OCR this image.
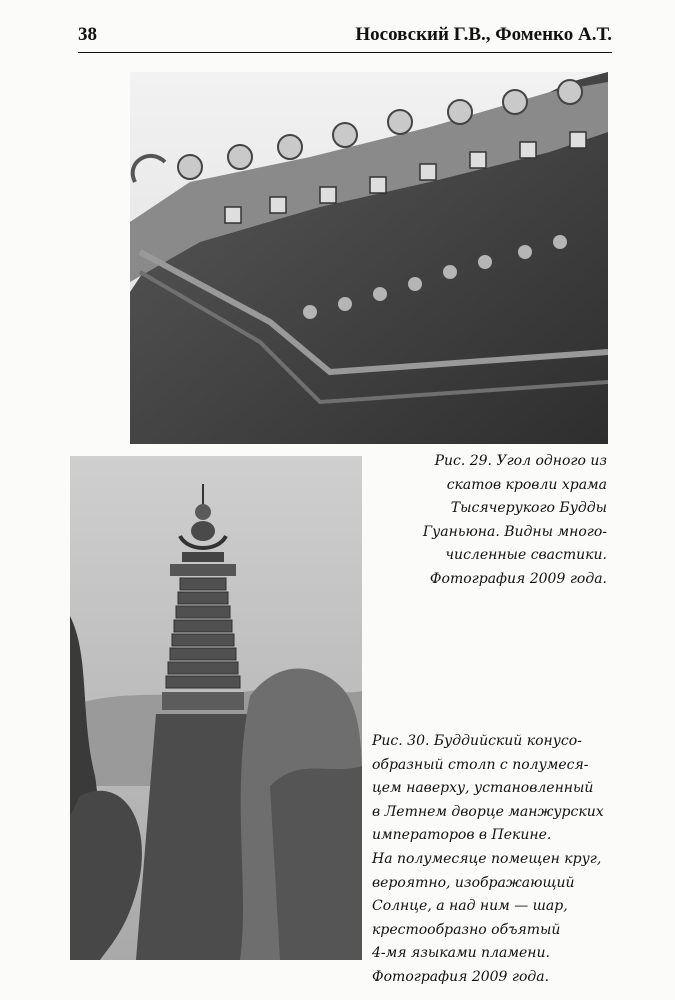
38	Носовский Г.В., Фоменко А.Т.
Рис. 29. Угол одного из
скатов кровли храма
Тысячерукого Будды
Гуаньюна. Видны много-
численные свастики.
Фотография 2009 года.
Рис. 30. Буддийский конусо-
образный столп с полумеся-
цем наверху, установленный
в Летнем дворце манжурских
императоров в Пекине.
На полумесяце помещен круг,
вероятно, изображающий
Солнце, а над ним — шар,
крестообразно объятый
4-мя языками пламени.
Фотография 2009 года.
